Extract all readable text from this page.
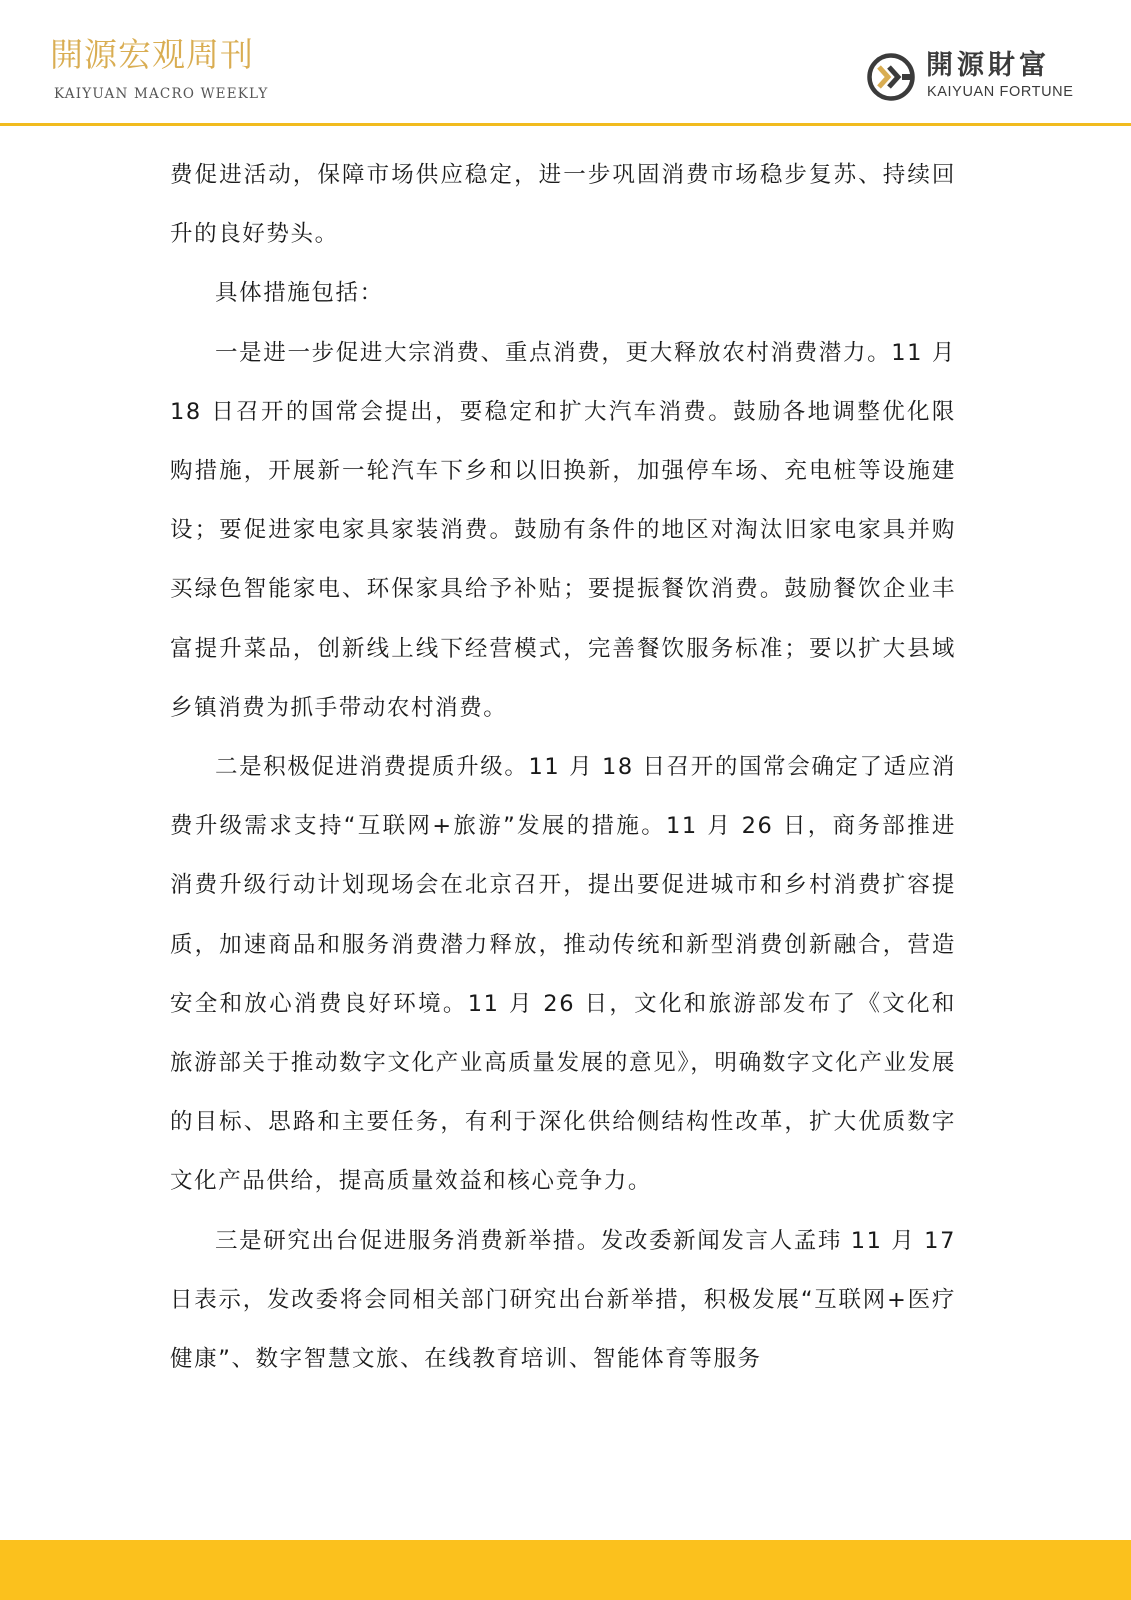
開源宏观周刊
KAIYUAN MACRO WEEKLY
開源財富
KAIYUAN FORTUNE

费促进活动，保障市场供应稳定，进一步巩固消费市场稳步复苏、持续回升的良好势头。

具体措施包括：

一是进一步促进大宗消费、重点消费，更大释放农村消费潜力。11 月 18 日召开的国常会提出，要稳定和扩大汽车消费。鼓励各地调整优化限购措施，开展新一轮汽车下乡和以旧换新，加强停车场、充电桩等设施建设；要促进家电家具家装消费。鼓励有条件的地区对淘汰旧家电家具并购买绿色智能家电、环保家具给予补贴；要提振餐饮消费。鼓励餐饮企业丰富提升菜品，创新线上线下经营模式，完善餐饮服务标准；要以扩大县域乡镇消费为抓手带动农村消费。

二是积极促进消费提质升级。11 月 18 日召开的国常会确定了适应消费升级需求支持“互联网+旅游”发展的措施。11 月 26 日，商务部推进消费升级行动计划现场会在北京召开，提出要促进城市和乡村消费扩容提质，加速商品和服务消费潜力释放，推动传统和新型消费创新融合，营造安全和放心消费良好环境。11 月 26 日，文化和旅游部发布了《文化和旅游部关于推动数字文化产业高质量发展的意见》，明确数字文化产业发展的目标、思路和主要任务，有利于深化供给侧结构性改革，扩大优质数字文化产品供给，提高质量效益和核心竞争力。

三是研究出台促进服务消费新举措。发改委新闻发言人孟玮 11 月 17 日表示，发改委将会同相关部门研究出台新举措，积极发展“互联网+医疗健康”、数字智慧文旅、在线教育培训、智能体育等服务
